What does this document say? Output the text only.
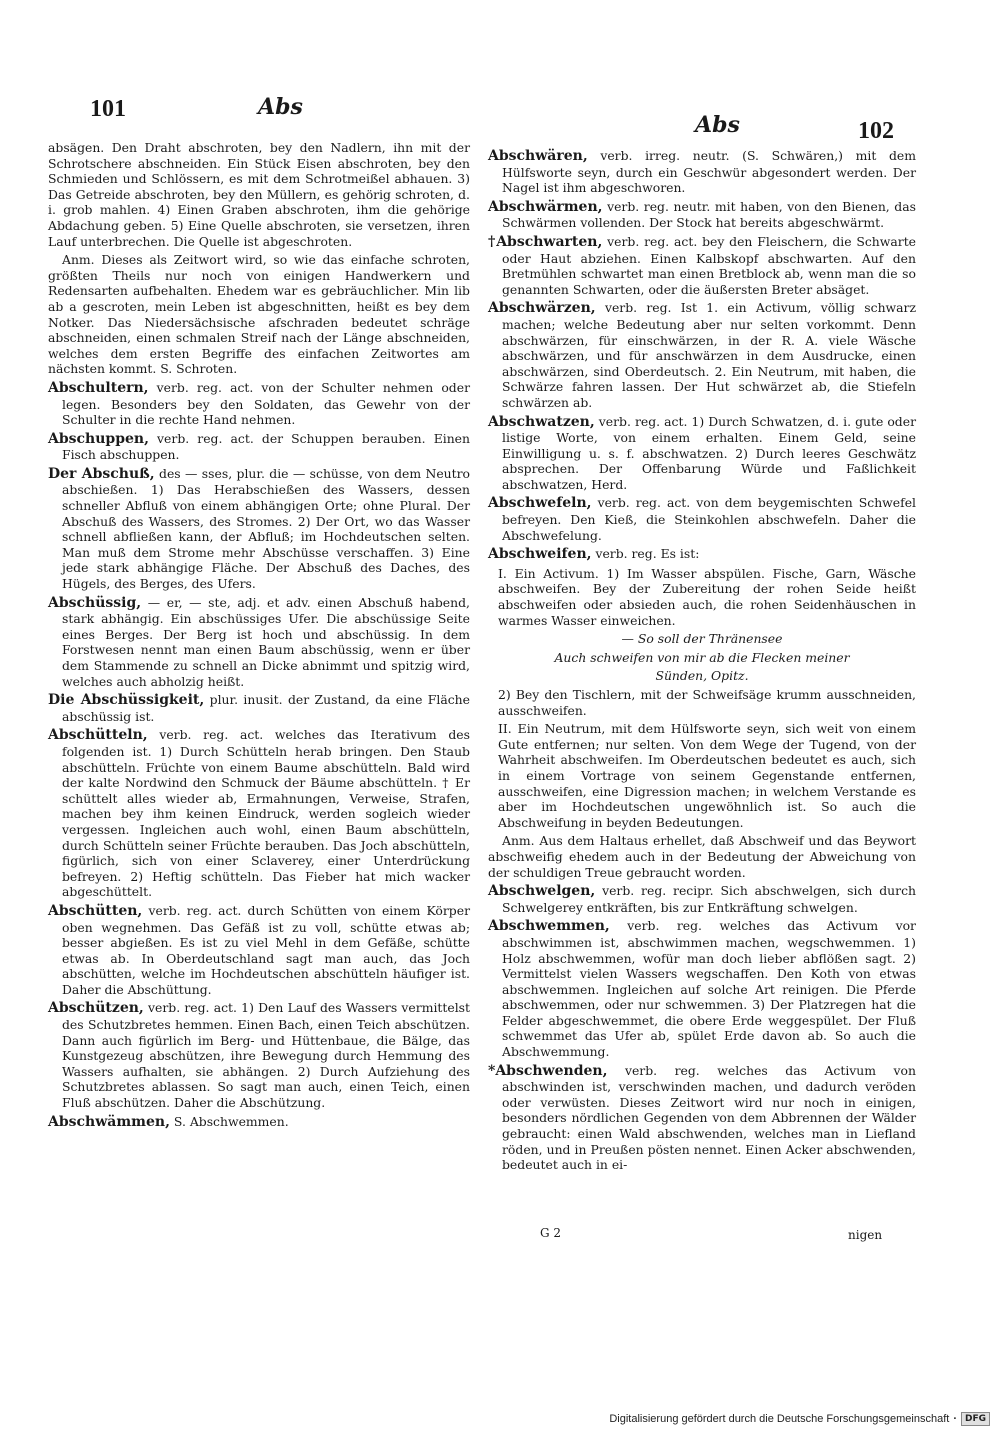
101	Abs
Abs	102

absägen. Den Draht abschroten, bey den Nadlern, ihn mit der Schrotschere abschneiden. Ein Stück Eisen abschroten, bey den Schmieden und Schlössern, es mit dem Schrotmeißel abhauen. 3) Das Getreide abschroten, bey den Müllern, es gehörig schroten, d. i. grob mahlen. 4) Einen Graben abschroten, ihm die gehörige Abdachung geben. 5) Eine Quelle abschroten, sie versetzen, ihren Lauf unterbrechen. Die Quelle ist abgeschroten.

Anm. Dieses als Zeitwort wird, so wie das einfache schroten, größten Theils nur noch von einigen Handwerkern und Redensarten aufbehalten. Ehedem war es gebräuchlicher. Min lib ab a gescroten, mein Leben ist abgeschnitten, heißt es bey dem Notker. Das Niedersächsische afschraden bedeutet schräge abschneiden, einen schmalen Streif nach der Länge abschneiden, welches dem ersten Begriffe des einfachen Zeitwortes am nächsten kommt. S. Schroten.

Abschultern, verb. reg. act. von der Schulter nehmen oder legen. Besonders bey den Soldaten, das Gewehr von der Schulter in die rechte Hand nehmen.

Abschuppen, verb. reg. act. der Schuppen berauben. Einen Fisch abschuppen.

Der Abschuß, des — sses, plur. die — schüsse, von dem Neutro abschießen. 1) Das Herabschießen des Wassers, dessen schneller Abfluß von einem abhängigen Orte; ohne Plural. Der Abschuß des Wassers, des Stromes. 2) Der Ort, wo das Wasser schnell abfließen kann, der Abfluß; im Hochdeutschen selten. Man muß dem Strome mehr Abschüsse verschaffen. 3) Eine jede stark abhängige Fläche. Der Abschuß des Daches, des Hügels, des Berges, des Ufers.

Abschüssig, — er, — ste, adj. et adv. einen Abschuß habend, stark abhängig. Ein abschüssiges Ufer. Die abschüssige Seite eines Berges. Der Berg ist hoch und abschüssig. In dem Forstwesen nennt man einen Baum abschüssig, wenn er über dem Stammende zu schnell an Dicke abnimmt und spitzig wird, welches auch abholzig heißt.

Die Abschüssigkeit, plur. inusit. der Zustand, da eine Fläche abschüssig ist.

Abschütteln, verb. reg. act. welches das Iterativum des folgenden ist. 1) Durch Schütteln herab bringen. Den Staub abschütteln. Früchte von einem Baume abschütteln. Bald wird der kalte Nordwind den Schmuck der Bäume abschütteln. † Er schüttelt alles wieder ab, Ermahnungen, Verweise, Strafen, machen bey ihm keinen Eindruck, werden sogleich wieder vergessen. Ingleichen auch wohl, einen Baum abschütteln, durch Schütteln seiner Früchte berauben. Das Joch abschütteln, figürlich, sich von einer Sclaverey, einer Unterdrückung befreyen. 2) Heftig schütteln. Das Fieber hat mich wacker abgeschüttelt.

Abschütten, verb. reg. act. durch Schütten von einem Körper oben wegnehmen. Das Gefäß ist zu voll, schütte etwas ab; besser abgießen. Es ist zu viel Mehl in dem Gefäße, schütte etwas ab. In Oberdeutschland sagt man auch, das Joch abschütten, welche im Hochdeutschen abschütteln häufiger ist. Daher die Abschüttung.

Abschützen, verb. reg. act. 1) Den Lauf des Wassers vermittelst des Schutzbretes hemmen. Einen Bach, einen Teich abschützen. Dann auch figürlich im Berg- und Hüttenbaue, die Bälge, das Kunstgezeug abschützen, ihre Bewegung durch Hemmung des Wassers aufhalten, sie abhängen. 2) Durch Aufziehung des Schutzbretes ablassen. So sagt man auch, einen Teich, einen Fluß abschützen. Daher die Abschützung.

Abschwämmen, S. Abschwemmen.

Abschwären, verb. irreg. neutr. (S. Schwären,) mit dem Hülfsworte seyn, durch ein Geschwür abgesondert werden. Der Nagel ist ihm abgeschworen.

Abschwärmen, verb. reg. neutr. mit haben, von den Bienen, das Schwärmen vollenden. Der Stock hat bereits abgeschwärmt.

†Abschwarten, verb. reg. act. bey den Fleischern, die Schwarte oder Haut abziehen. Einen Kalbskopf abschwarten. Auf den Bretmühlen schwartet man einen Bretblock ab, wenn man die so genannten Schwarten, oder die äußersten Breter absäget.

Abschwärzen, verb. reg. Ist 1. ein Activum, völlig schwarz machen; welche Bedeutung aber nur selten vorkommt. Denn abschwärzen, für einschwärzen, in der R. A. viele Wäsche abschwärzen, und für anschwärzen in dem Ausdrucke, einen abschwärzen, sind Oberdeutsch. 2. Ein Neutrum, mit haben, die Schwärze fahren lassen. Der Hut schwärzet ab, die Stiefeln schwärzen ab.

Abschwatzen, verb. reg. act. 1) Durch Schwatzen, d. i. gute oder listige Worte, von einem erhalten. Einem Geld, seine Einwilligung u. s. f. abschwatzen. 2) Durch leeres Geschwätz absprechen. Der Offenbarung Würde und Faßlichkeit abschwatzen, Herd.

Abschwefeln, verb. reg. act. von dem beygemischten Schwefel befreyen. Den Kieß, die Steinkohlen abschwefeln. Daher die Abschwefelung.

Abschweifen, verb. reg. Es ist:

I. Ein Activum. 1) Im Wasser abspülen. Fische, Garn, Wäsche abschweifen. Bey der Zubereitung der rohen Seide heißt abschweifen oder absieden auch, die rohen Seidenhäuschen in warmes Wasser einweichen.

— So soll der Thränensee

Auch schweifen von mir ab die Flecken meiner

Sünden, Opitz.

2) Bey den Tischlern, mit der Schweifsäge krumm ausschneiden, ausschweifen.

II. Ein Neutrum, mit dem Hülfsworte seyn, sich weit von einem Gute entfernen; nur selten. Von dem Wege der Tugend, von der Wahrheit abschweifen. Im Oberdeutschen bedeutet es auch, sich in einem Vortrage von seinem Gegenstande entfernen, ausschweifen, eine Digression machen; in welchem Verstande es aber im Hochdeutschen ungewöhnlich ist. So auch die Abschweifung in beyden Bedeutungen.

Anm. Aus dem Haltaus erhellet, daß Abschweif und das Beywort abschweifig ehedem auch in der Bedeutung der Abweichung von der schuldigen Treue gebraucht worden.

Abschwelgen, verb. reg. recipr. Sich abschwelgen, sich durch Schwelgerey entkräften, bis zur Entkräftung schwelgen.

Abschwemmen, verb. reg. welches das Activum vor abschwimmen ist, abschwimmen machen, wegschwemmen. 1) Holz abschwemmen, wofür man doch lieber abflößen sagt. 2) Vermittelst vielen Wassers wegschaffen. Den Koth von etwas abschwemmen. Ingleichen auf solche Art reinigen. Die Pferde abschwemmen, oder nur schwemmen. 3) Der Platzregen hat die Felder abgeschwemmet, die obere Erde weggespület. Der Fluß schwemmet das Ufer ab, spület Erde davon ab. So auch die Abschwemmung.

*Abschwenden, verb. reg. welches das Activum von abschwinden ist, verschwinden machen, und dadurch veröden oder verwüsten. Dieses Zeitwort wird nur noch in einigen, besonders nördlichen Gegenden von dem Abbrennen der Wälder gebraucht: einen Wald abschwenden, welches man in Liefland röden, und in Preußen pösten nennet. Einen Acker abschwenden, bedeutet auch in ei-

G 2	nigen
Digitalisierung gefördert durch die Deutsche Forschungsgemeinschaft · DFG
